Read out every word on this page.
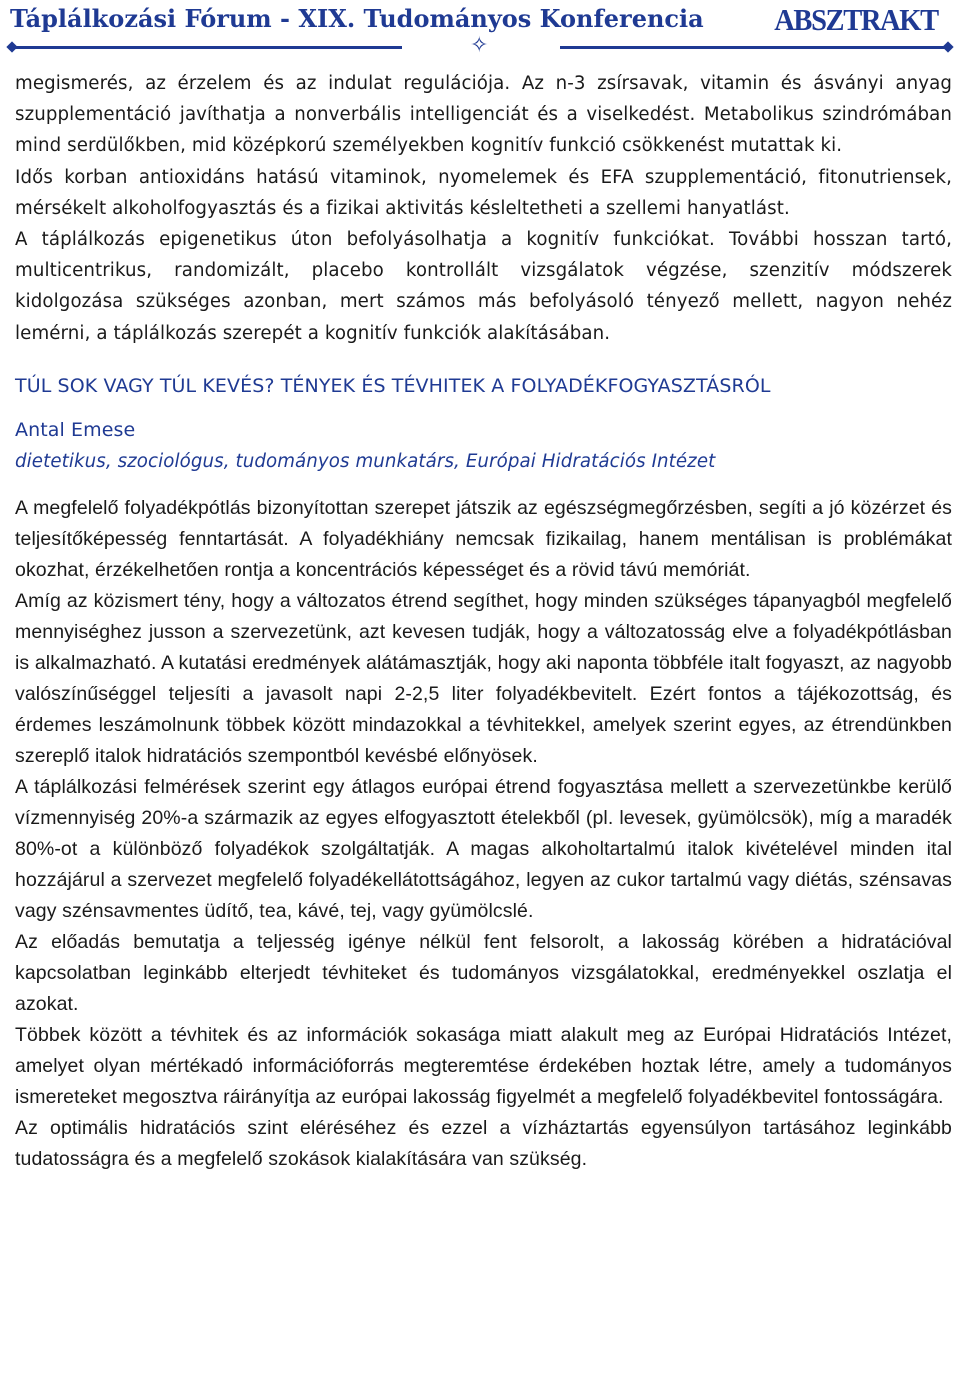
Táplálkozási Fórum - XIX. Tudományos Konferencia ABSZTRAKT
✧

megismerés, az érzelem és az indulat regulációja. Az n-3 zsírsavak, vitamin és ásványi anyag szupplementáció javíthatja a nonverbális intelligenciát és a viselkedést. Metabolikus szindrómában mind serdülőkben, mid középkorú személyekben kognitív funkció csökkenést mutattak ki.

Idős korban antioxidáns hatású vitaminok, nyomelemek és EFA szupplementáció, fitonutriensek, mérsékelt alkoholfogyasztás és a fizikai aktivitás késleltetheti a szellemi hanyatlást.

A táplálkozás epigenetikus úton befolyásolhatja a kognitív funkciókat. További hosszan tartó, multicentrikus, randomizált, placebo kontrollált vizsgálatok végzése, szenzitív módszerek kidolgozása szükséges azonban, mert számos más befolyásoló tényező mellett, nagyon nehéz lemérni, a táplálkozás szerepét a kognitív funkciók alakításában.

TÚL SOK VAGY TÚL KEVÉS? TÉNYEK ÉS TÉVHITEK A FOLYADÉKFOGYASZTÁSRÓL

Antal Emese

dietetikus, szociológus, tudományos munkatárs, Európai Hidratációs Intézet

A megfelelő folyadékpótlás bizonyítottan szerepet játszik az egészségmegőrzésben, segíti a jó közérzet és teljesítőképesség fenntartását. A folyadékhiány nemcsak fizikailag, hanem mentálisan is problémákat okozhat, érzékelhetően rontja a koncentrációs képességet és a rövid távú memóriát.

Amíg az közismert tény, hogy a változatos étrend segíthet, hogy minden szükséges tápanyagból megfelelő mennyiséghez jusson a szervezetünk, azt kevesen tudják, hogy a változatosság elve a folyadékpótlásban is alkalmazható. A kutatási eredmények alátámasztják, hogy aki naponta többféle italt fogyaszt, az nagyobb valószínűséggel teljesíti a javasolt napi 2-2,5 liter folyadékbevitelt. Ezért fontos a tájékozottság, és érdemes leszámolnunk többek között mindazokkal a tévhitekkel, amelyek szerint egyes, az étrendünkben szereplő italok hidratációs szempontból kevésbé előnyösek.

A táplálkozási felmérések szerint egy átlagos európai étrend fogyasztása mellett a szervezetünkbe kerülő vízmennyiség 20%-a származik az egyes elfogyasztott ételekből (pl. levesek, gyümölcsök), míg a maradék 80%-ot a különböző folyadékok szolgáltatják. A magas alkoholtartalmú italok kivételével minden ital hozzájárul a szervezet megfelelő folyadékellátottságához, legyen az cukor tartalmú vagy diétás, szénsavas vagy szénsavmentes üdítő, tea, kávé, tej, vagy gyümölcslé.

Az előadás bemutatja a teljesség igénye nélkül fent felsorolt, a lakosság körében a hidratációval kapcsolatban leginkább elterjedt tévhiteket és tudományos vizsgálatokkal, eredményekkel oszlatja el azokat.

Többek között a tévhitek és az információk sokasága miatt alakult meg az Európai Hidratációs Intézet, amelyet olyan mértékadó információforrás megteremtése érdekében hoztak létre, amely a tudományos ismereteket megosztva ráirányítja az európai lakosság figyelmét a megfelelő folyadékbevitel fontosságára.

Az optimális hidratációs szint eléréséhez és ezzel a vízháztartás egyensúlyon tartásához leginkább tudatosságra és a megfelelő szokások kialakítására van szükség.
